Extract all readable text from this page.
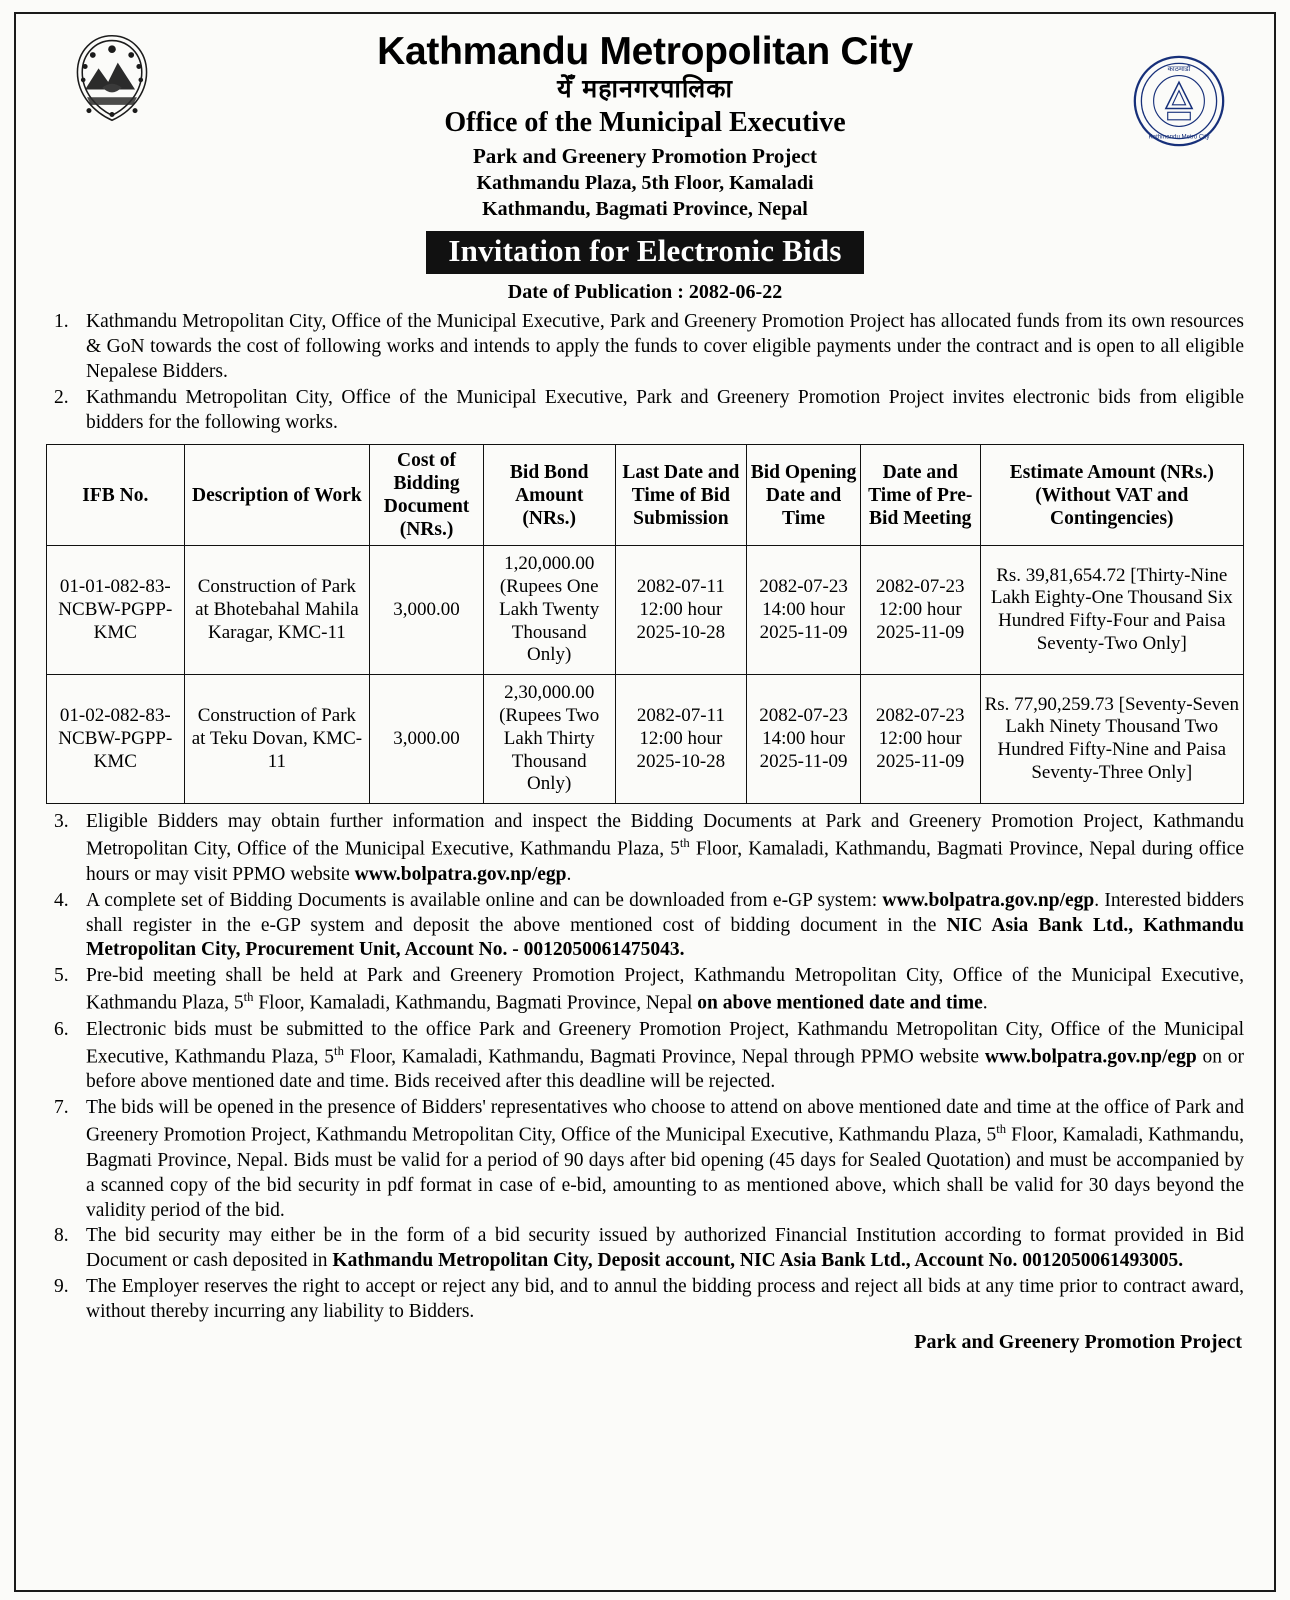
काठमाडौं
Kathmandu Metro City
Kathmandu Metropolitan City
येँ महानगरपालिका
Office of the Municipal Executive
Park and Greenery Promotion Project
Kathmandu Plaza, 5th Floor, Kamaladi
Kathmandu, Bagmati Province, Nepal
Invitation for Electronic Bids
Date of Publication : 2082-06-22
1. Kathmandu Metropolitan City, Office of the Municipal Executive, Park and Greenery Promotion Project has allocated funds from its own resources & GoN towards the cost of following works and intends to apply the funds to cover eligible payments under the contract and is open to all eligible Nepalese Bidders.
2. Kathmandu Metropolitan City, Office of the Municipal Executive, Park and Greenery Promotion Project invites electronic bids from eligible bidders for the following works.
IFB No.	Description of Work	Cost of Bidding Document (NRs.)	Bid Bond Amount (NRs.)	Last Date and Time of Bid Submission	Bid Opening Date and Time	Date and Time of Pre-Bid Meeting	Estimate Amount (NRs.) (Without VAT and Contingencies)
01-01-082-83-NCBW-PGPP-KMC	Construction of Park at Bhotebahal Mahila Karagar, KMC-11	3,000.00	1,20,000.00 (Rupees One Lakh Twenty Thousand Only)	2082-07-11 12:00 hour 2025-10-28	2082-07-23 14:00 hour 2025-11-09	2082-07-23 12:00 hour 2025-11-09	Rs. 39,81,654.72 [Thirty-Nine Lakh Eighty-One Thousand Six Hundred Fifty-Four and Paisa Seventy-Two Only]
01-02-082-83-NCBW-PGPP-KMC	Construction of Park at Teku Dovan, KMC-11	3,000.00	2,30,000.00 (Rupees Two Lakh Thirty Thousand Only)	2082-07-11 12:00 hour 2025-10-28	2082-07-23 14:00 hour 2025-11-09	2082-07-23 12:00 hour 2025-11-09	Rs. 77,90,259.73 [Seventy-Seven Lakh Ninety Thousand Two Hundred Fifty-Nine and Paisa Seventy-Three Only]
3. Eligible Bidders may obtain further information and inspect the Bidding Documents at Park and Greenery Promotion Project, Kathmandu Metropolitan City, Office of the Municipal Executive, Kathmandu Plaza, 5th Floor, Kamaladi, Kathmandu, Bagmati Province, Nepal during office hours or may visit PPMO website www.bolpatra.gov.np/egp.
4. A complete set of Bidding Documents is available online and can be downloaded from e-GP system: www.bolpatra.gov.np/egp. Interested bidders shall register in the e-GP system and deposit the above mentioned cost of bidding document in the NIC Asia Bank Ltd., Kathmandu Metropolitan City, Procurement Unit, Account No. - 0012050061475043.
5. Pre-bid meeting shall be held at Park and Greenery Promotion Project, Kathmandu Metropolitan City, Office of the Municipal Executive, Kathmandu Plaza, 5th Floor, Kamaladi, Kathmandu, Bagmati Province, Nepal on above mentioned date and time.
6. Electronic bids must be submitted to the office Park and Greenery Promotion Project, Kathmandu Metropolitan City, Office of the Municipal Executive, Kathmandu Plaza, 5th Floor, Kamaladi, Kathmandu, Bagmati Province, Nepal through PPMO website www.bolpatra.gov.np/egp on or before above mentioned date and time. Bids received after this deadline will be rejected.
7. The bids will be opened in the presence of Bidders' representatives who choose to attend on above mentioned date and time at the office of Park and Greenery Promotion Project, Kathmandu Metropolitan City, Office of the Municipal Executive, Kathmandu Plaza, 5th Floor, Kamaladi, Kathmandu, Bagmati Province, Nepal. Bids must be valid for a period of 90 days after bid opening (45 days for Sealed Quotation) and must be accompanied by a scanned copy of the bid security in pdf format in case of e-bid, amounting to as mentioned above, which shall be valid for 30 days beyond the validity period of the bid.
8. The bid security may either be in the form of a bid security issued by authorized Financial Institution according to format provided in Bid Document or cash deposited in Kathmandu Metropolitan City, Deposit account, NIC Asia Bank Ltd., Account No. 0012050061493005.
9. The Employer reserves the right to accept or reject any bid, and to annul the bidding process and reject all bids at any time prior to contract award, without thereby incurring any liability to Bidders.
Park and Greenery Promotion Project
